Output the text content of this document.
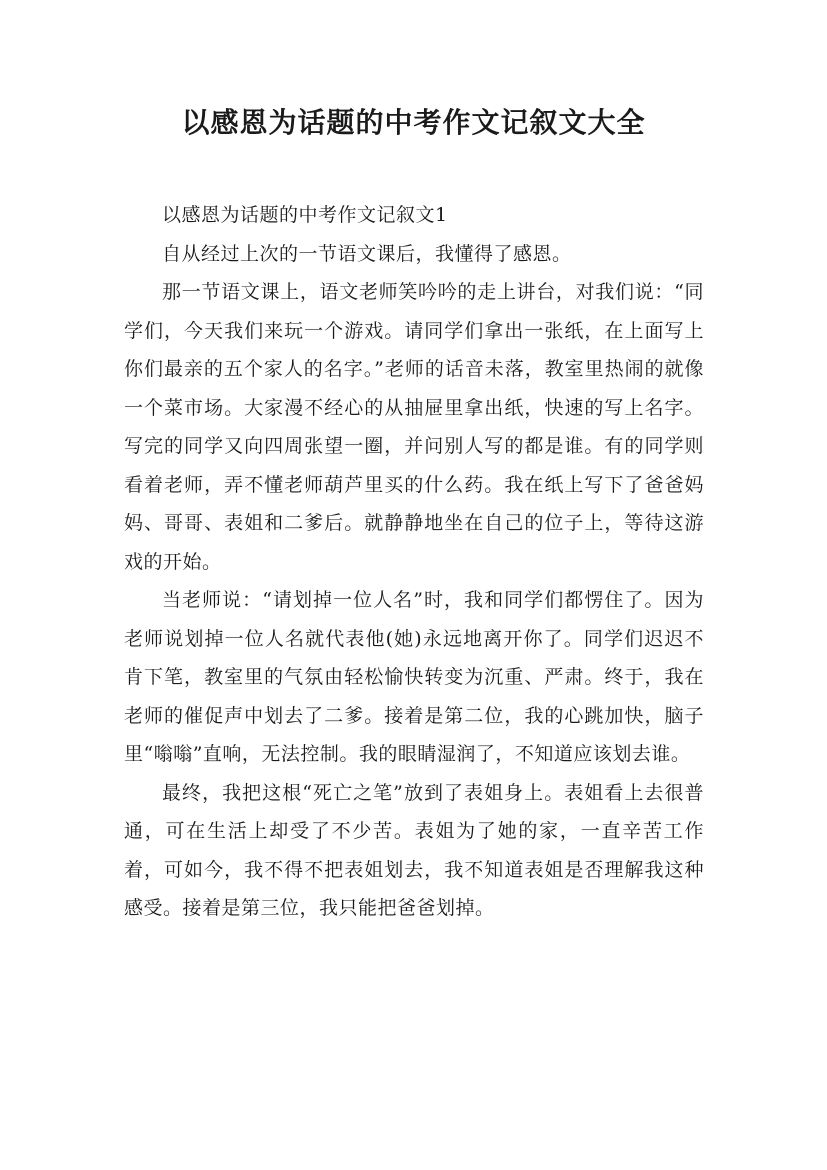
以感恩为话题的中考作文记叙文大全

以感恩为话题的中考作文记叙文1

自从经过上次的一节语文课后，我懂得了感恩。

那一节语文课上，语文老师笑吟吟的走上讲台，对我们说：“同学们，今天我们来玩一个游戏。请同学们拿出一张纸，在上面写上你们最亲的五个家人的名字。”老师的话音未落，教室里热闹的就像一个菜市场。大家漫不经心的从抽屉里拿出纸，快速的写上名字。写完的同学又向四周张望一圈，并问别人写的都是谁。有的同学则看着老师，弄不懂老师葫芦里买的什么药。我在纸上写下了爸爸妈妈、哥哥、表姐和二爹后。就静静地坐在自己的位子上，等待这游戏的开始。

当老师说：“请划掉一位人名”时，我和同学们都愣住了。因为老师说划掉一位人名就代表他(她)永远地离开你了。同学们迟迟不肯下笔，教室里的气氛由轻松愉快转变为沉重、严肃。终于，我在老师的催促声中划去了二爹。接着是第二位，我的心跳加快，脑子里“嗡嗡”直响，无法控制。我的眼睛湿润了，不知道应该划去谁。

最终，我把这根“死亡之笔”放到了表姐身上。表姐看上去很普通，可在生活上却受了不少苦。表姐为了她的家，一直辛苦工作着，可如今，我不得不把表姐划去，我不知道表姐是否理解我这种感受。接着是第三位，我只能把爸爸划掉。
